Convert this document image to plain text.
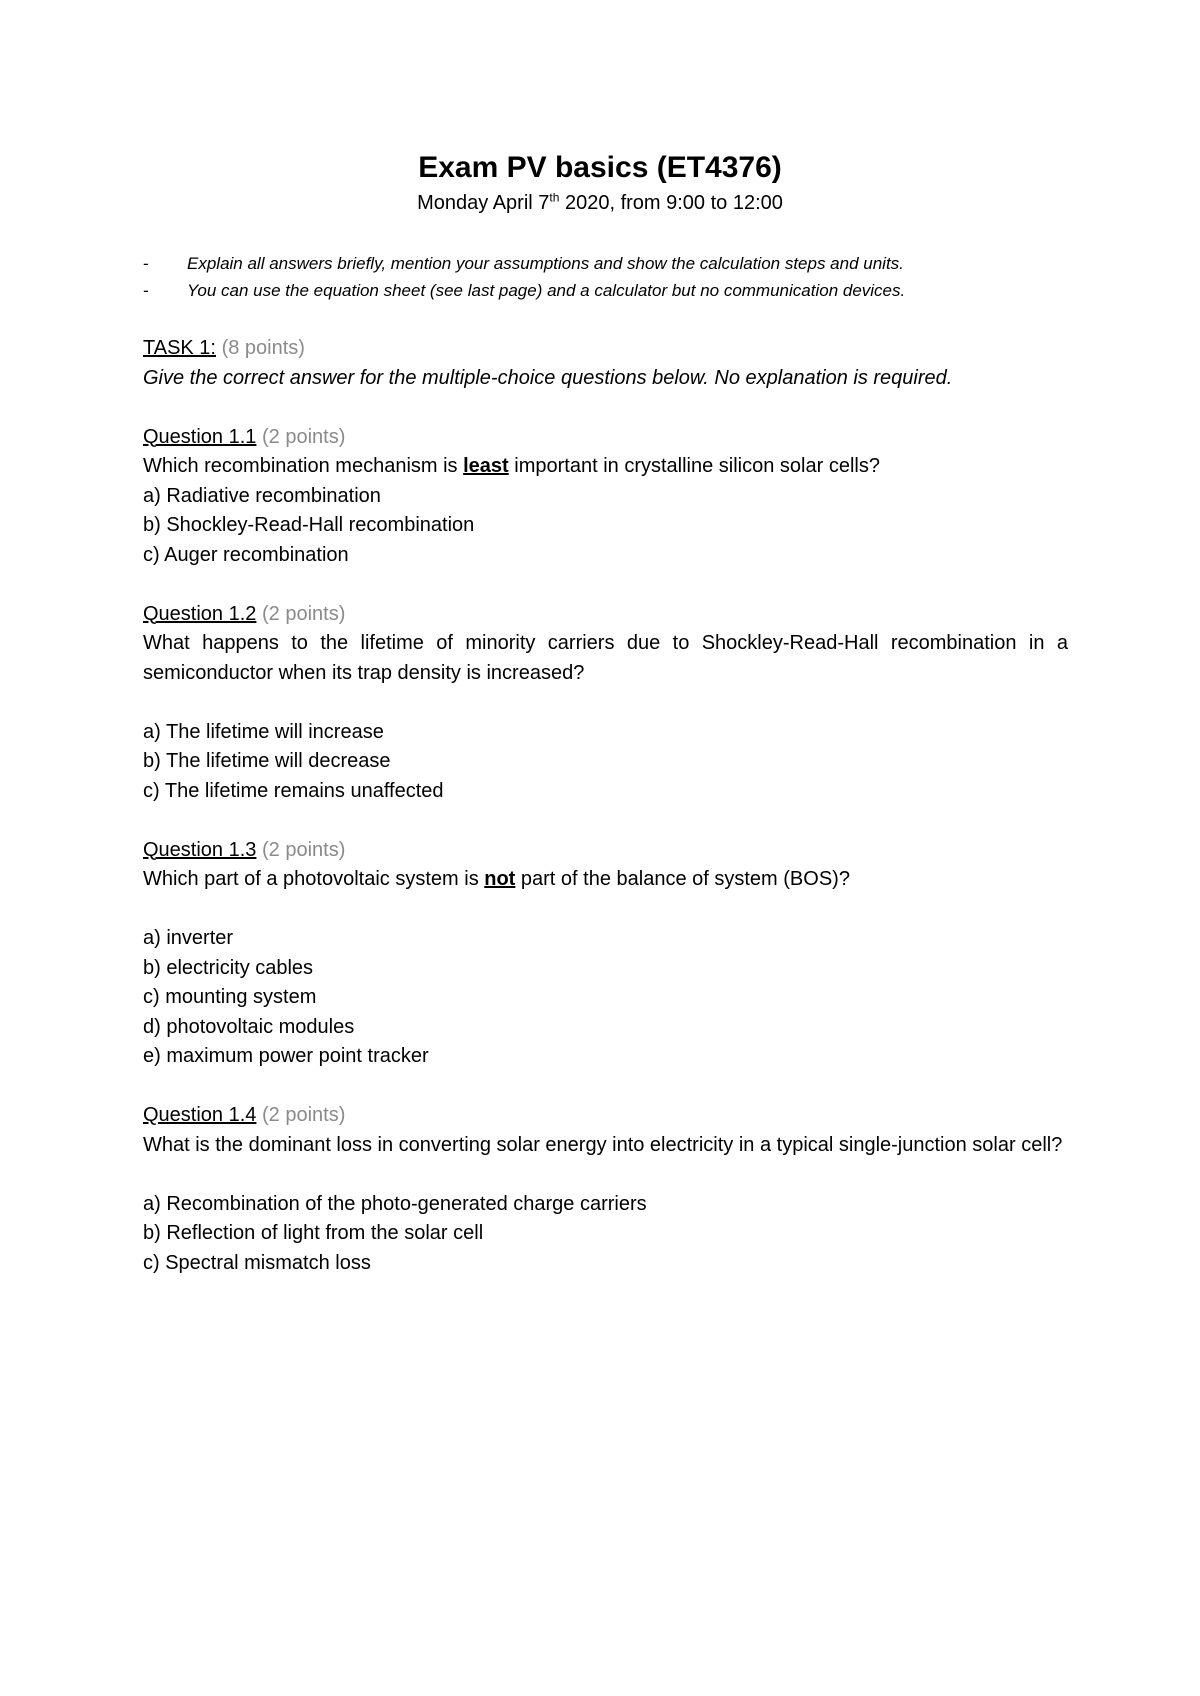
Exam PV basics (ET4376)
Monday April 7th 2020, from 9:00 to 12:00
-	Explain all answers briefly, mention your assumptions and show the calculation steps and units.
-	You can use the equation sheet (see last page) and a calculator but no communication devices.
TASK 1: (8 points)
Give the correct answer for the multiple-choice questions below. No explanation is required.
Question 1.1 (2 points)
Which recombination mechanism is least important in crystalline silicon solar cells?
a) Radiative recombination
b) Shockley-Read-Hall recombination
c) Auger recombination
Question 1.2 (2 points)
What happens to the lifetime of minority carriers due to Shockley-Read-Hall recombination in a semiconductor when its trap density is increased?
a) The lifetime will increase
b) The lifetime will decrease
c) The lifetime remains unaffected
Question 1.3 (2 points)
Which part of a photovoltaic system is not part of the balance of system (BOS)?
a) inverter
b) electricity cables
c) mounting system
d) photovoltaic modules
e) maximum power point tracker
Question 1.4 (2 points)
What is the dominant loss in converting solar energy into electricity in a typical single-junction solar cell?
a) Recombination of the photo-generated charge carriers
b) Reflection of light from the solar cell
c) Spectral mismatch loss
